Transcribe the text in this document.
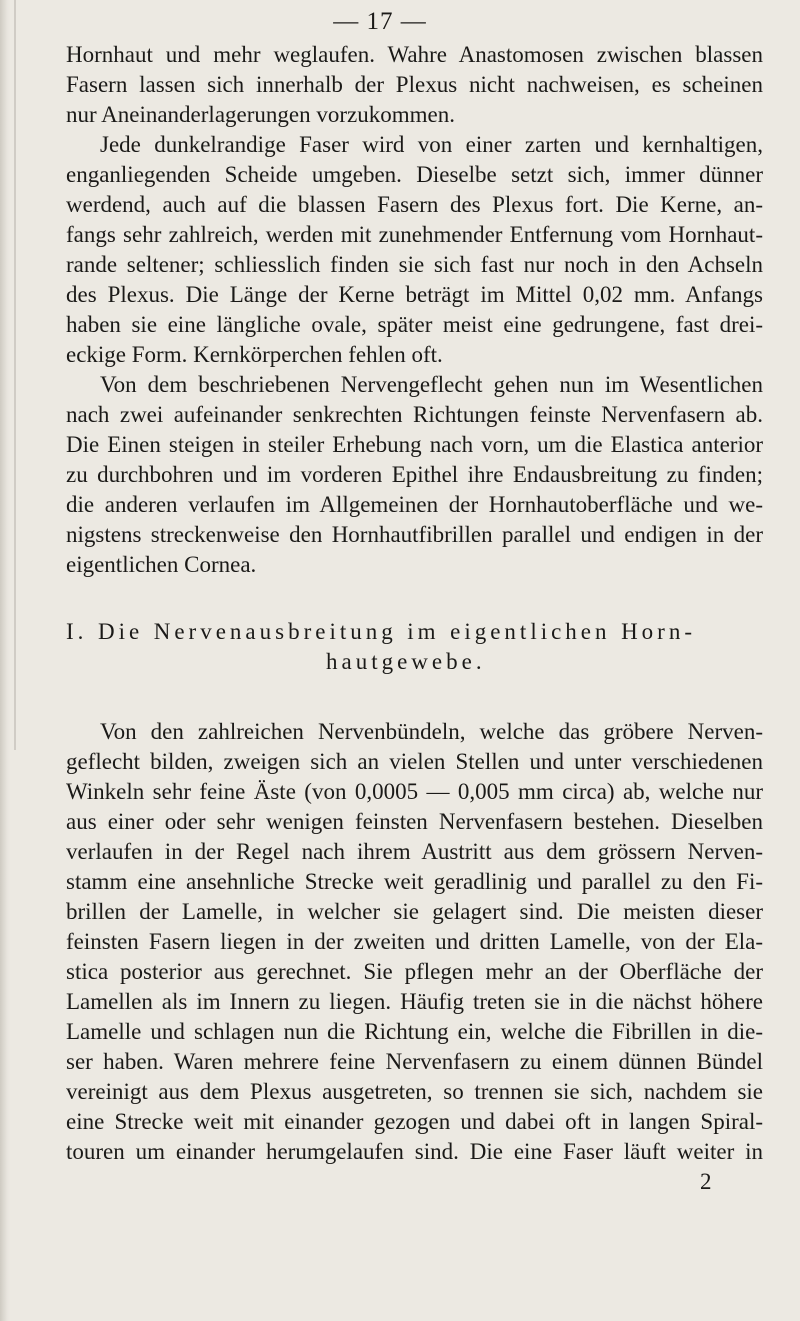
— 17 —
Hornhaut und mehr weglaufen. Wahre Anastomosen zwischen blassen
Fasern lassen sich innerhalb der Plexus nicht nachweisen, es scheinen
nur Aneinanderlagerungen vorzukommen.
Jede dunkelrandige Faser wird von einer zarten und kernhaltigen,
enganliegenden Scheide umgeben. Dieselbe setzt sich, immer dünner
werdend, auch auf die blassen Fasern des Plexus fort. Die Kerne, an-
fangs sehr zahlreich, werden mit zunehmender Entfernung vom Hornhaut-
rande seltener; schliesslich finden sie sich fast nur noch in den Achseln
des Plexus. Die Länge der Kerne beträgt im Mittel 0,02 mm. Anfangs
haben sie eine längliche ovale, später meist eine gedrungene, fast drei-
eckige Form. Kernkörperchen fehlen oft.
Von dem beschriebenen Nervengeflecht gehen nun im Wesentlichen
nach zwei aufeinander senkrechten Richtungen feinste Nervenfasern ab.
Die Einen steigen in steiler Erhebung nach vorn, um die Elastica anterior
zu durchbohren und im vorderen Epithel ihre Endausbreitung zu finden;
die anderen verlaufen im Allgemeinen der Hornhautoberfläche und we-
nigstens streckenweise den Hornhautfibrillen parallel und endigen in der
eigentlichen Cornea.
I. Die Nervenausbreitung im eigentlichen Horn-
hautgewebe.
Von den zahlreichen Nervenbündeln, welche das gröbere Nerven-
geflecht bilden, zweigen sich an vielen Stellen und unter verschiedenen
Winkeln sehr feine Äste (von 0,0005 — 0,005 mm circa) ab, welche nur
aus einer oder sehr wenigen feinsten Nervenfasern bestehen. Dieselben
verlaufen in der Regel nach ihrem Austritt aus dem grössern Nerven-
stamm eine ansehnliche Strecke weit geradlinig und parallel zu den Fi-
brillen der Lamelle, in welcher sie gelagert sind. Die meisten dieser
feinsten Fasern liegen in der zweiten und dritten Lamelle, von der Ela-
stica posterior aus gerechnet. Sie pflegen mehr an der Oberfläche der
Lamellen als im Innern zu liegen. Häufig treten sie in die nächst höhere
Lamelle und schlagen nun die Richtung ein, welche die Fibrillen in die-
ser haben. Waren mehrere feine Nervenfasern zu einem dünnen Bündel
vereinigt aus dem Plexus ausgetreten, so trennen sie sich, nachdem sie
eine Strecke weit mit einander gezogen und dabei oft in langen Spiral-
touren um einander herumgelaufen sind. Die eine Faser läuft weiter in
2
